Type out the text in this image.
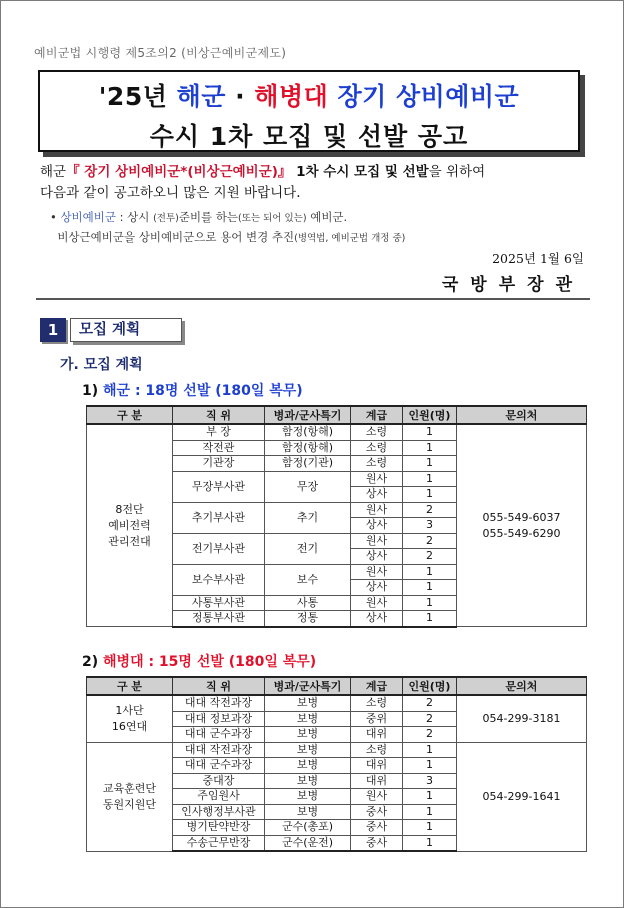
예비군법 시행령 제5조의2 (비상근예비군제도)
'25년 해군 · 해병대 장기 상비예비군
수시 1차 모집 및 선발 공고
해군『 장기 상비예비군*(비상근예비군)』 1차 수시 모집 및 선발을 위하여
다음과 같이 공고하오니 많은 지원 바랍니다.
• 상비예비군 : 상시 (전투)준비를 하는(또는 되어 있는) 예비군.
비상근예비군을 상비예비군으로 용어 변경 추진(병역법, 예비군법 개정 중)
2025년 1월 6일
국방부장관
1	모집 계획
가. 모집 계획
1) 해군 : 18명 선발 (180일 복무)
구 분	직 위	병과/군사특기	계급	인원(명)	문의처
8전단
예비전력
관리전대	부 장	함정(항해)	소령	1	055-549-6037
055-549-6290
	작전관	함정(항해)	소령	1	
	기관장	함정(기관)	소령	1	
	무장부사관	무장	원사	1	
			상사	1	
	추기부사관	추기	원사	2	
			상사	3	
	전기부사관	전기	원사	2	
			상사	2	
	보수부사관	보수	원사	1	
			상사	1	
	사통부사관	사통	원사	1	
	정통부사관	정통	상사	1	
2) 해병대 : 15명 선발 (180일 복무)
구 분	직 위	병과/군사특기	계급	인원(명)	문의처
1사단
16연대	대대 작전과장	보병	소령	2	054-299-3181
	대대 정보과장	보병	중위	2	
	대대 군수과장	보병	대위	2	
교육훈련단
동원지원단	대대 작전과장	보병	소령	1	054-299-1641
	대대 군수과장	보병	대위	1	
	중대장	보병	대위	3	
	주임원사	보병	원사	1	
	인사행정부사관	보병	중사	1	
	병기탄약반장	군수(총포)	중사	1	
	수송근무반장	군수(운전)	중사	1	
